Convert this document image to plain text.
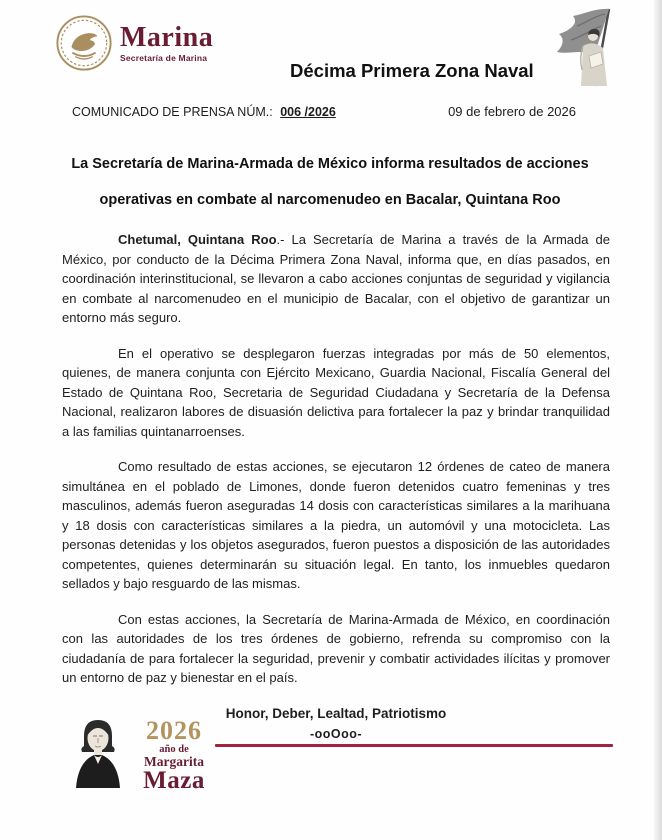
Marina
Secretaría de Marina
Décima Primera Zona Naval
COMUNICADO DE PRENSA NÚM.: 006 /2026	09 de febrero de 2026
La Secretaría de Marina-Armada de México informa resultados de acciones
operativas en combate al narcomenudeo en Bacalar, Quintana Roo

Chetumal, Quintana Roo.- La Secretaría de Marina a través de la Armada de México, por conducto de la Décima Primera Zona Naval, informa que, en días pasados, en coordinación interinstitucional, se llevaron a cabo acciones conjuntas de seguridad y vigilancia en combate al narcomenudeo en el municipio de Bacalar, con el objetivo de garantizar un entorno más seguro.

En el operativo se desplegaron fuerzas integradas por más de 50 elementos, quienes, de manera conjunta con Ejército Mexicano, Guardia Nacional, Fiscalía General del Estado de Quintana Roo, Secretaria de Seguridad Ciudadana y Secretaría de la Defensa Nacional, realizaron labores de disuasión delictiva para fortalecer la paz y brindar tranquilidad a las familias quintanarroenses.

Como resultado de estas acciones, se ejecutaron 12 órdenes de cateo de manera simultánea en el poblado de Limones, donde fueron detenidos cuatro femeninas y tres masculinos, además fueron aseguradas 14 dosis con características similares a la marihuana y 18 dosis con características similares a la piedra, un automóvil y una motocicleta. Las personas detenidas y los objetos asegurados, fueron puestos a disposición de las autoridades competentes, quienes determinarán su situación legal. En tanto, los inmuebles quedaron sellados y bajo resguardo de las mismas.

Con estas acciones, la Secretaría de Marina-Armada de México, en coordinación con las autoridades de los tres órdenes de gobierno, refrenda su compromiso con la ciudadanía de para fortalecer la seguridad, prevenir y combatir actividades ilícitas y promover un entorno de paz y bienestar en el país.

Honor, Deber, Lealtad, Patriotismo
-ooOoo-
2026
año de
Margarita
Maza
